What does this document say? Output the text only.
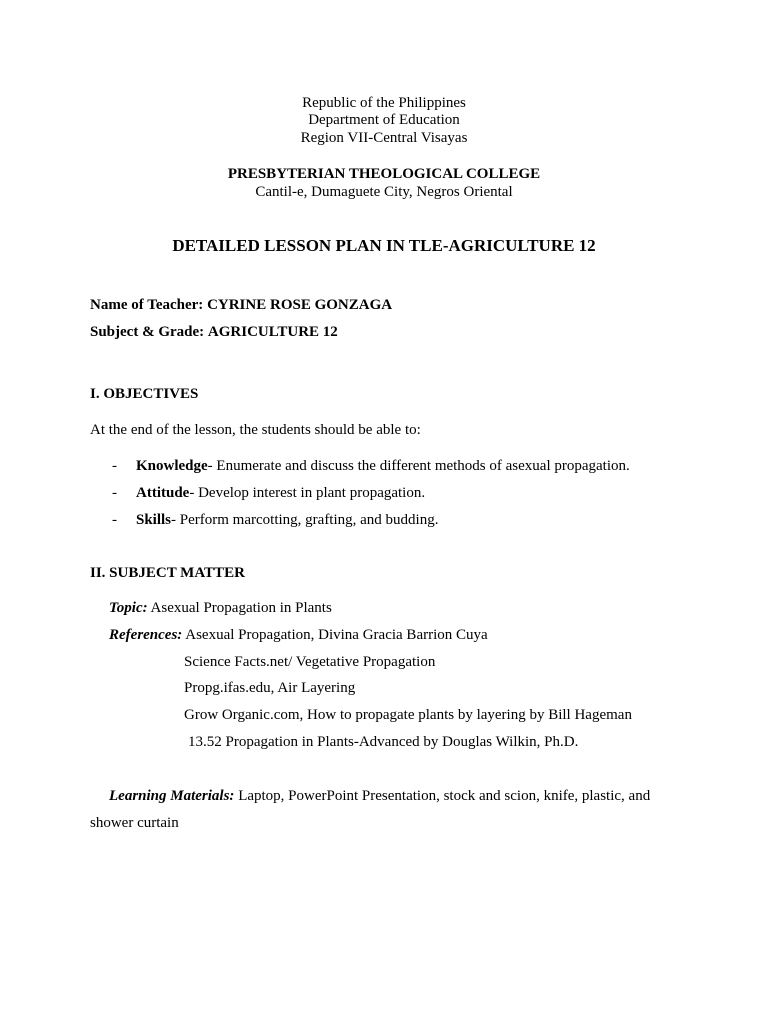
Republic of the Philippines
Department of Education
Region VII-Central Visayas
PRESBYTERIAN THEOLOGICAL COLLEGE
Cantil-e, Dumaguete City, Negros Oriental
DETAILED LESSON PLAN IN TLE-AGRICULTURE 12
Name of Teacher: CYRINE ROSE GONZAGA
Subject & Grade: AGRICULTURE 12
I. OBJECTIVES
At the end of the lesson, the students should be able to:
- Knowledge- Enumerate and discuss the different methods of asexual propagation.
- Attitude- Develop interest in plant propagation.
- Skills- Perform marcotting, grafting, and budding.
II. SUBJECT MATTER
Topic: Asexual Propagation in Plants
References: Asexual Propagation, Divina Gracia Barrion Cuya
Science Facts.net/ Vegetative Propagation
Propg.ifas.edu, Air Layering
Grow Organic.com, How to propagate plants by layering by Bill Hageman
13.52 Propagation in Plants-Advanced by Douglas Wilkin, Ph.D.
Learning Materials: Laptop, PowerPoint Presentation, stock and scion, knife, plastic, and
shower curtain
